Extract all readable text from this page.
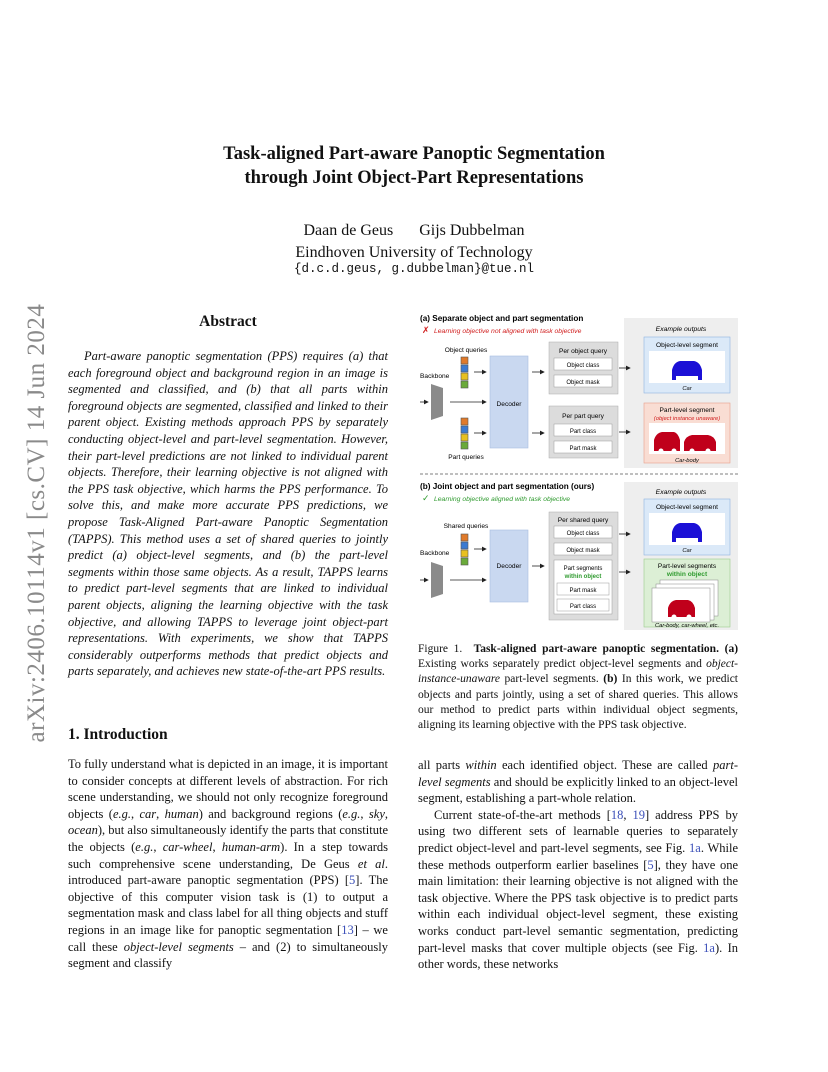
arXiv:2406.10114v1 [cs.CV] 14 Jun 2024
Task-aligned Part-aware Panoptic Segmentation
through Joint Object-Part Representations
Daan de Geus Gijs Dubbelman
Eindhoven University of Technology
{d.c.d.geus, g.dubbelman}@tue.nl
Abstract
Part-aware panoptic segmentation (PPS) requires (a) that each foreground object and background region in an image is segmented and classified, and (b) that all parts within foreground objects are segmented, classified and linked to their parent object. Existing methods approach PPS by separately conducting object-level and part-level segmentation. However, their part-level predictions are not linked to individual parent objects. Therefore, their learning objective is not aligned with the PPS task objective, which harms the PPS performance. To solve this, and make more accurate PPS predictions, we propose Task-Aligned Part-aware Panoptic Segmentation (TAPPS). This method uses a set of shared queries to jointly predict (a) object-level segments, and (b) the part-level segments within those same objects. As a result, TAPPS learns to predict part-level segments that are linked to individual parent objects, aligning the learning objective with the task objective, and allowing TAPPS to leverage joint object-part representations. With experiments, we show that TAPPS considerably outperforms methods that predict objects and parts separately, and achieves new state-of-the-art PPS results.
(a) Separate object and part segmentation
✗ Learning objective not aligned with task objective	Example outputs
Object queries
Backbone
Decoder
Part queries
Per object query
Object class
Object mask
Per part query
Part class
Part mask
Object-level segment
Car
Part-level segment
(object instance unaware)
Car-body
(b) Joint object and part segmentation (ours)
✓ Learning objective aligned with task objective
Example outputs
Shared queries
Backbone
Decoder
Per shared query
Object class
Object mask
Part segments
within object
Part mask
Part class
Object-level segment
Car
Part-level segments
within object
Car-body, car-wheel, etc.
Figure 1. Task-aligned part-aware panoptic segmentation. (a) Existing works separately predict object-level segments and object-instance-unaware part-level segments. (b) In this work, we predict objects and parts jointly, using a set of shared queries. This allows our method to predict parts within individual object segments, aligning its learning objective with the PPS task objective.
1. Introduction

To fully understand what is depicted in an image, it is important to consider concepts at different levels of abstraction. For rich scene understanding, we should not only recognize foreground objects (e.g., car, human) and background regions (e.g., sky, ocean), but also simultaneously identify the parts that constitute the objects (e.g., car-wheel, human-arm). In a step towards such comprehensive scene understanding, De Geus et al. introduced part-aware panoptic segmentation (PPS) [5]. The objective of this computer vision task is (1) to output a segmentation mask and class label for all thing objects and stuff regions in an image like for panoptic segmentation [13] – we call these object-level segments – and (2) to simultaneously segment and classify

all parts within each identified object. These are called part-level segments and should be explicitly linked to an object-level segment, establishing a part-whole relation.

Current state-of-the-art methods [18, 19] address PPS by using two different sets of learnable queries to separately predict object-level and part-level segments, see Fig. 1a. While these methods outperform earlier baselines [5], they have one main limitation: their learning objective is not aligned with the task objective. Where the PPS task objective is to predict parts within each individual object-level segment, these existing works conduct part-level semantic segmentation, predicting part-level masks that cover multiple objects (see Fig. 1a). In other words, these networks
